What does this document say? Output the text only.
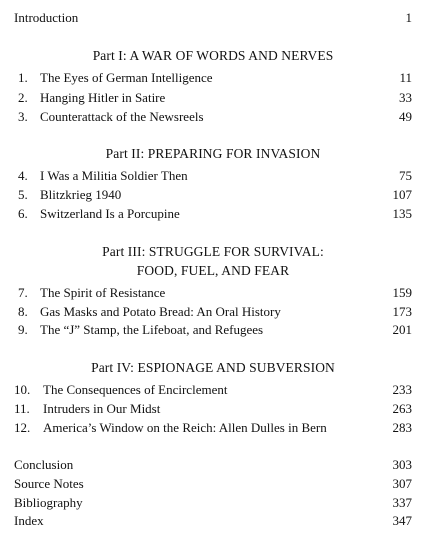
Introduction	1
Part I: A WAR OF WORDS AND NERVES
1. The Eyes of German Intelligence	11
2. Hanging Hitler in Satire	33
3. Counterattack of the Newsreels	49
Part II: PREPARING FOR INVASION
4. I Was a Militia Soldier Then	75
5. Blitzkrieg 1940	107
6. Switzerland Is a Porcupine	135
Part III: STRUGGLE FOR SURVIVAL:
FOOD, FUEL, AND FEAR
7. The Spirit of Resistance	159
8. Gas Masks and Potato Bread: An Oral History	173
9. The “J” Stamp, the Lifeboat, and Refugees	201
Part IV: ESPIONAGE AND SUBVERSION
10. The Consequences of Encirclement	233
11. Intruders in Our Midst	263
12. America’s Window on the Reich: Allen Dulles in Bern	283
Conclusion	303
Source Notes	307
Bibliography	337
Index	347
